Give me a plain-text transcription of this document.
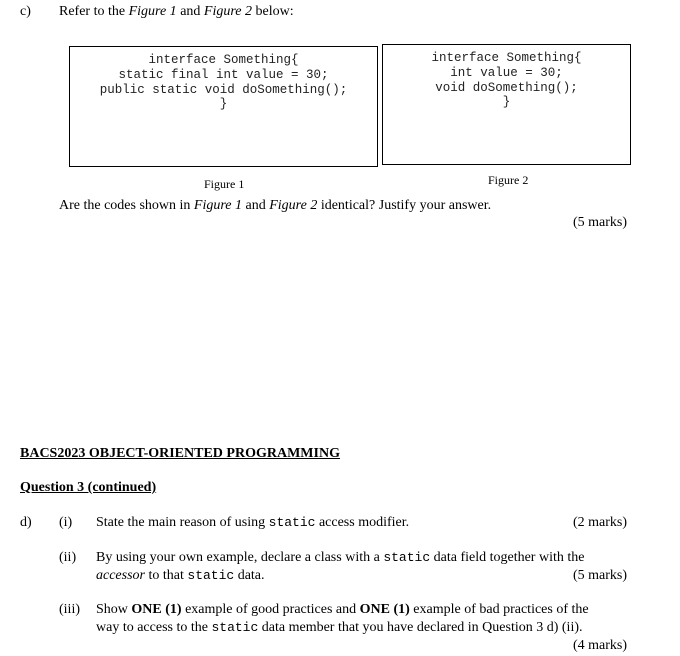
c) Refer to the Figure 1 and Figure 2 below:
interface Something{
static final int value = 30;
public static void doSomething();
}
interface Something{
int value = 30;
void doSomething();
}
Figure 1	Figure 2
Are the codes shown in Figure 1 and Figure 2 identical? Justify your answer.
(5 marks)
BACS2023 OBJECT-ORIENTED PROGRAMMING
Question 3 (continued)
d) (i) State the main reason of using static access modifier.	(2 marks)
(ii) By using your own example, declare a class with a static data field together with the
accessor to that static data.	(5 marks)
(iii) Show ONE (1) example of good practices and ONE (1) example of bad practices of the
way to access to the static data member that you have declared in Question 3 d) (ii).
(4 marks)
